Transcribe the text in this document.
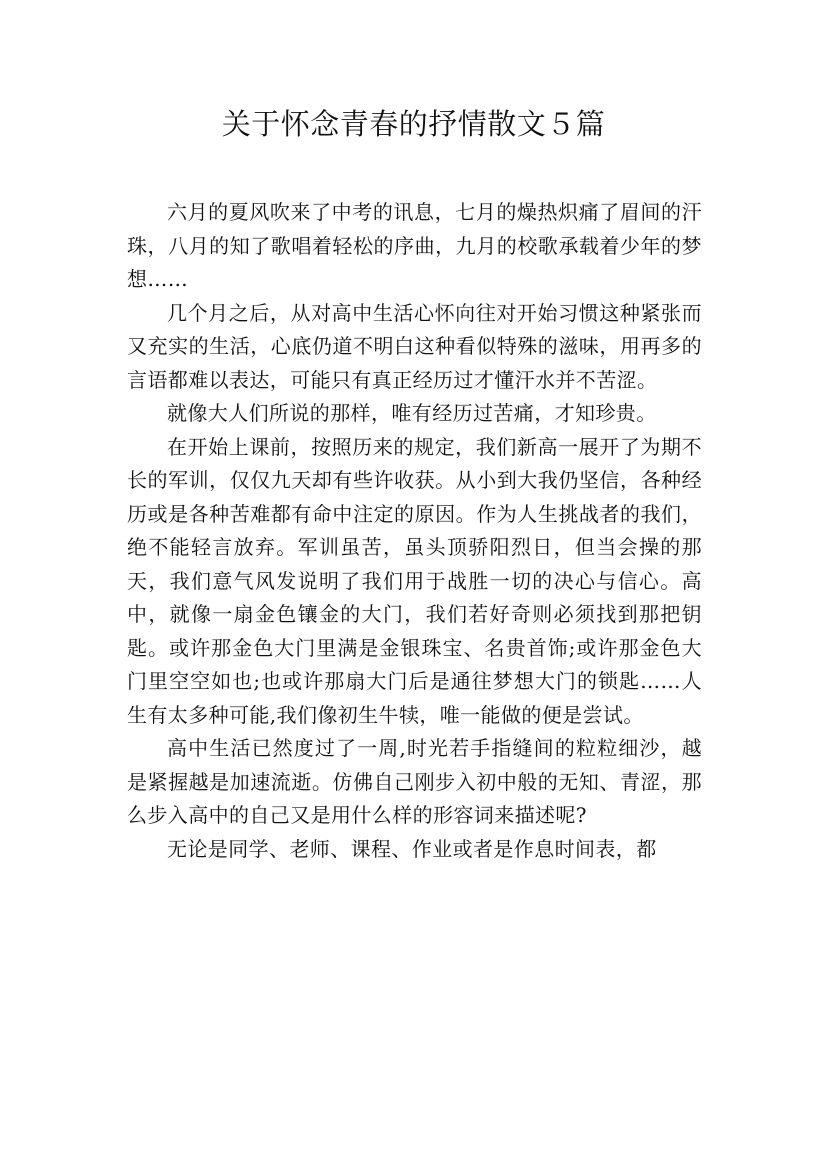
关于怀念青春的抒情散文５篇

六月的夏风吹来了中考的讯息，七月的燥热炽痛了眉间的汗珠，八月的知了歌唱着轻松的序曲，九月的校歌承载着少年的梦想……

几个月之后，从对高中生活心怀向往对开始习惯这种紧张而又充实的生活，心底仍道不明白这种看似特殊的滋味，用再多的言语都难以表达，可能只有真正经历过才懂汗水并不苦涩。

就像大人们所说的那样，唯有经历过苦痛，才知珍贵。

在开始上课前，按照历来的规定，我们新高一展开了为期不长的军训，仅仅九天却有些许收获。从小到大我仍坚信，各种经历或是各种苦难都有命中注定的原因。作为人生挑战者的我们，绝不能轻言放弃。军训虽苦，虽头顶骄阳烈日，但当会操的那天，我们意气风发说明了我们用于战胜一切的决心与信心。高中，就像一扇金色镶金的大门，我们若好奇则必须找到那把钥匙。或许那金色大门里满是金银珠宝、名贵首饰;或许那金色大门里空空如也;也或许那扇大门后是通往梦想大门的锁匙……人生有太多种可能,我们像初生牛犊，唯一能做的便是尝试。

高中生活已然度过了一周,时光若手指缝间的粒粒细沙，越是紧握越是加速流逝。仿佛自己刚步入初中般的无知、青涩，那么步入高中的自己又是用什么样的形容词来描述呢?

无论是同学、老师、课程、作业或者是作息时间表，都
